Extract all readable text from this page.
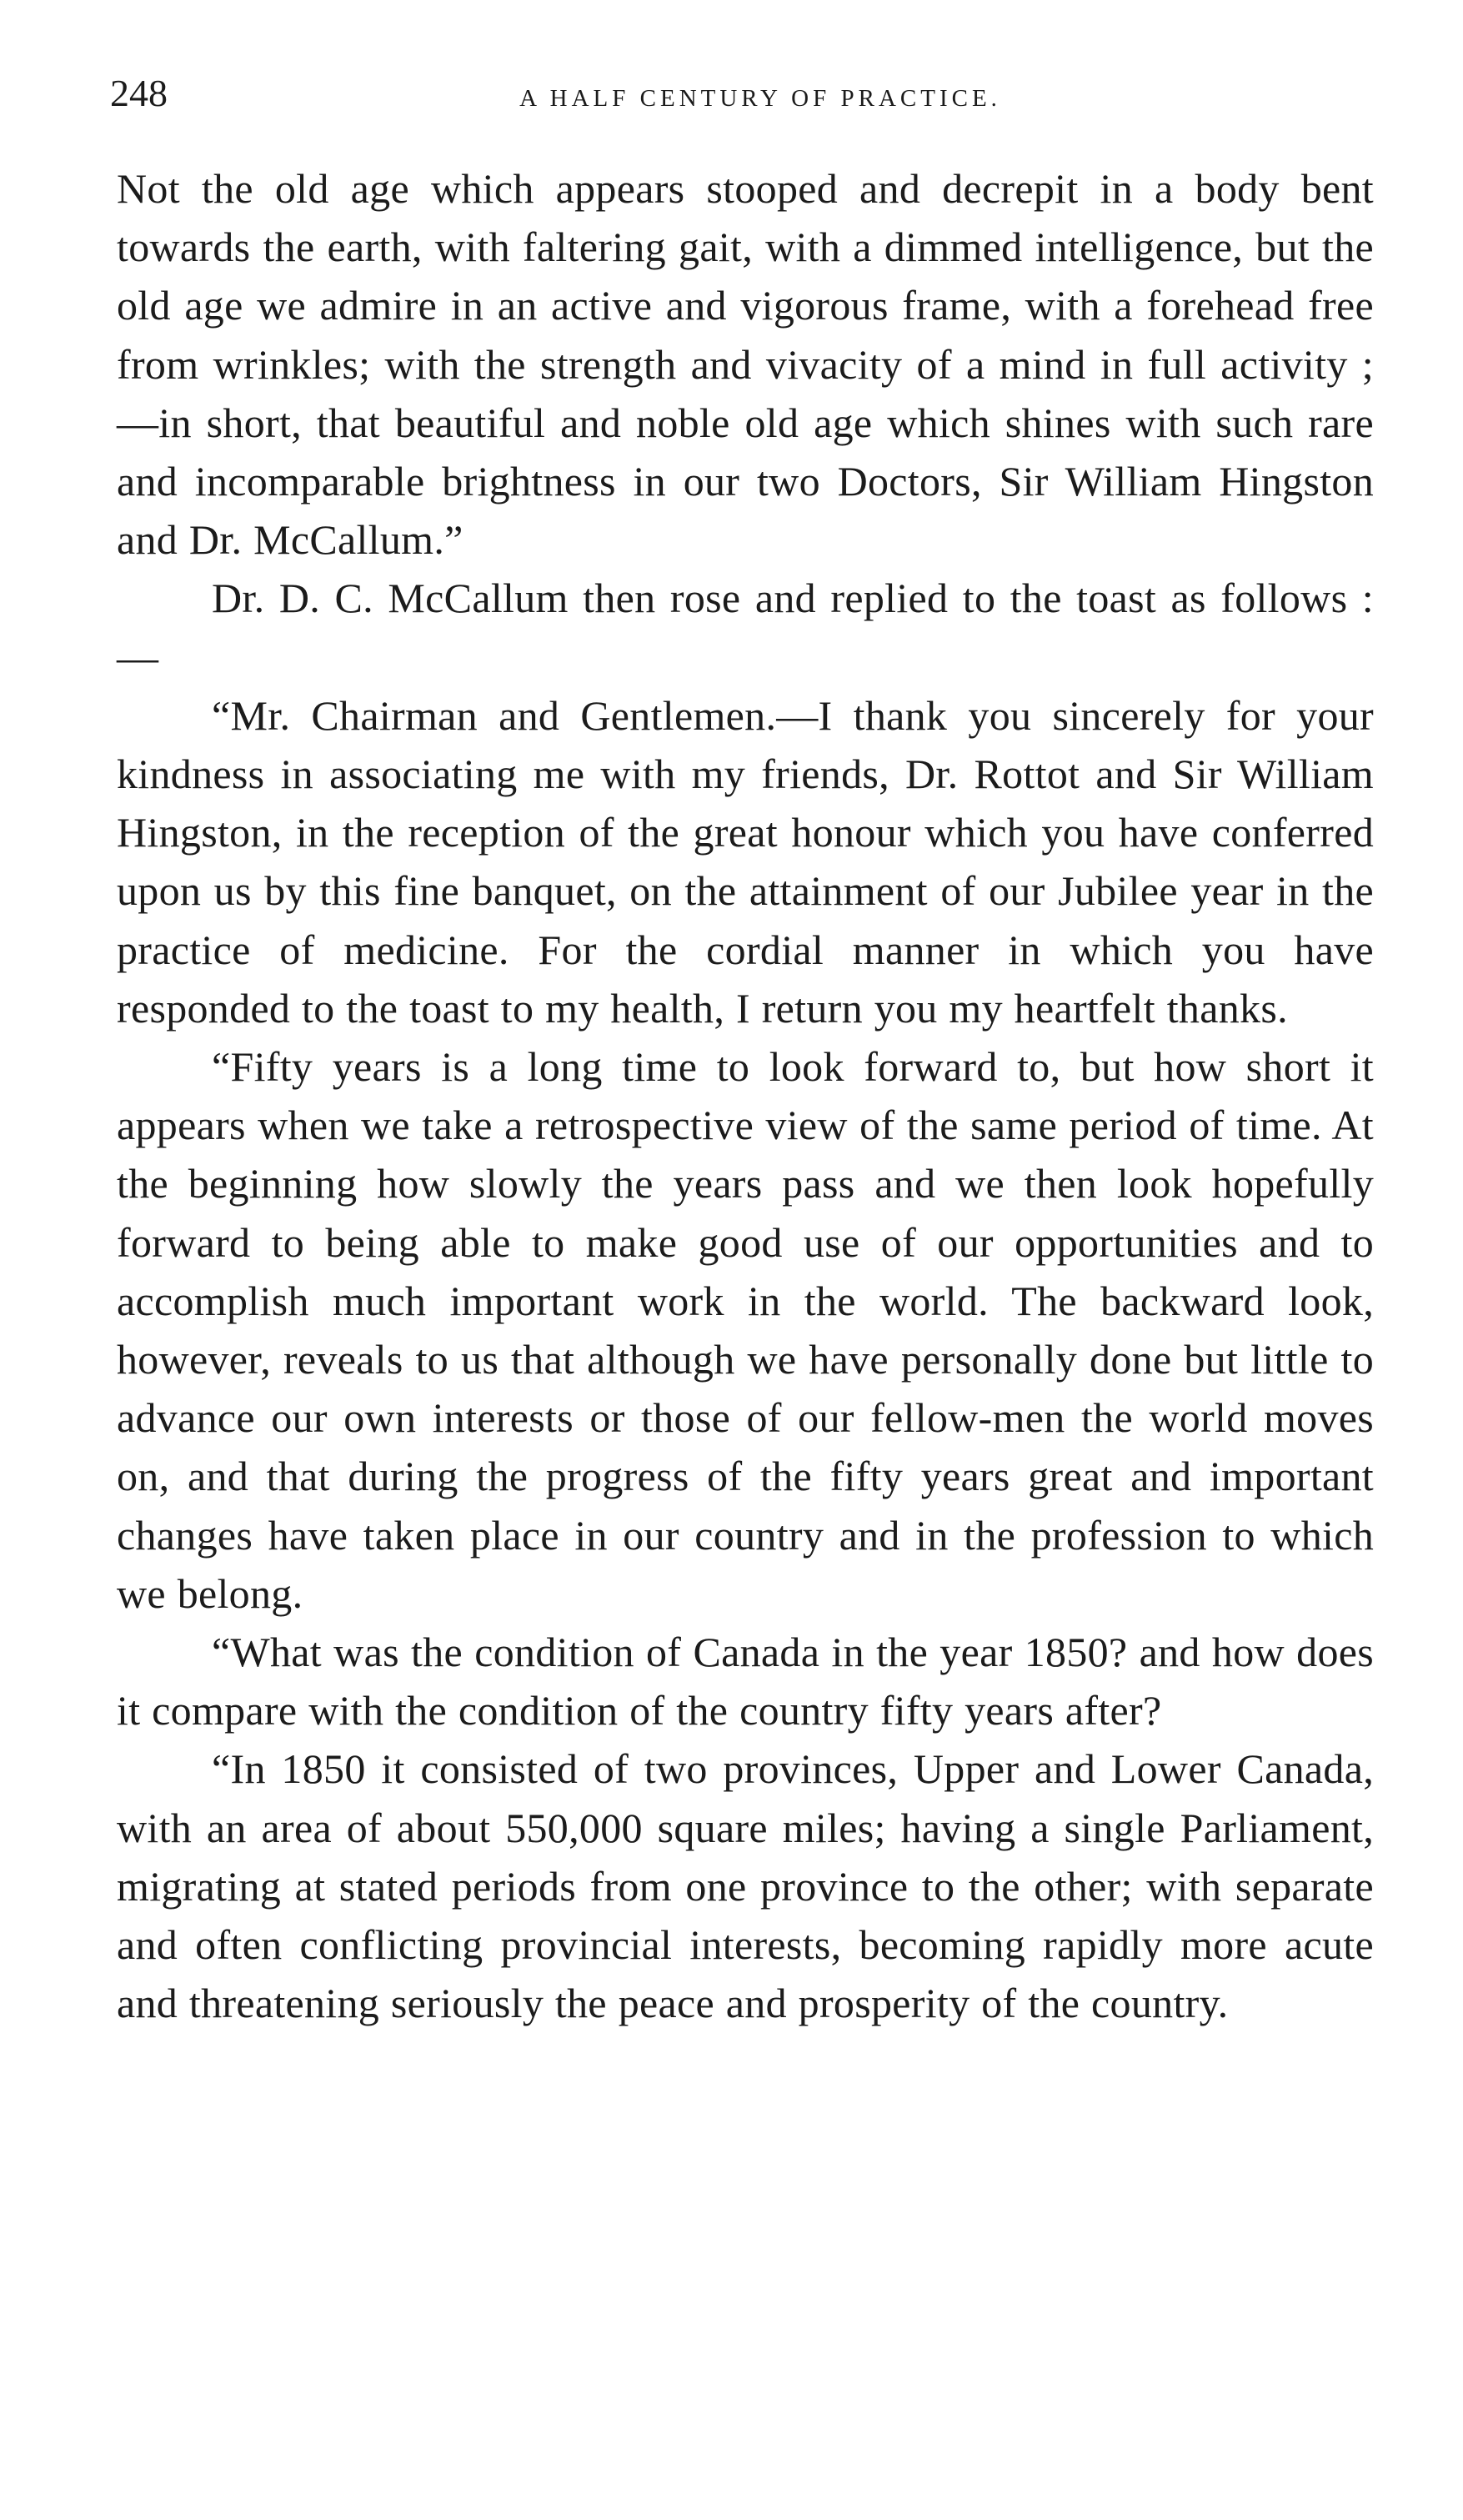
248	A HALF CENTURY OF PRACTICE.

Not the old age which appears stooped and decrepit in a body bent towards the earth, with faltering gait, with a dimmed intelligence, but the old age we admire in an active and vigorous frame, with a forehead free from wrinkles; with the strength and vivacity of a mind in full activity ;—in short, that beautiful and noble old age which shines with such rare and incomparable brightness in our two Doctors, Sir William Hingston and Dr. McCallum.”

Dr. D. C. McCallum then rose and replied to the toast as follows :—

“Mr. Chairman and Gentlemen.—I thank you sincerely for your kindness in associating me with my friends, Dr. Rottot and Sir William Hingston, in the reception of the great honour which you have conferred upon us by this fine banquet, on the attainment of our Jubilee year in the practice of medicine. For the cordial manner in which you have responded to the toast to my health, I return you my heartfelt thanks.

“Fifty years is a long time to look forward to, but how short it appears when we take a retrospective view of the same period of time. At the beginning how slowly the years pass and we then look hopefully forward to being able to make good use of our opportunities and to accomplish much important work in the world. The backward look, however, reveals to us that although we have personally done but little to advance our own interests or those of our fellow-men the world moves on, and that during the progress of the fifty years great and important changes have taken place in our country and in the profession to which we belong.

“What was the condition of Canada in the year 1850? and how does it compare with the condition of the country fifty years after?

“In 1850 it consisted of two provinces, Upper and Lower Canada, with an area of about 550,000 square miles; having a single Parliament, migrating at stated periods from one province to the other; with separate and often conflicting provincial interests, becoming rapidly more acute and threatening seriously the peace and prosperity of the country.
